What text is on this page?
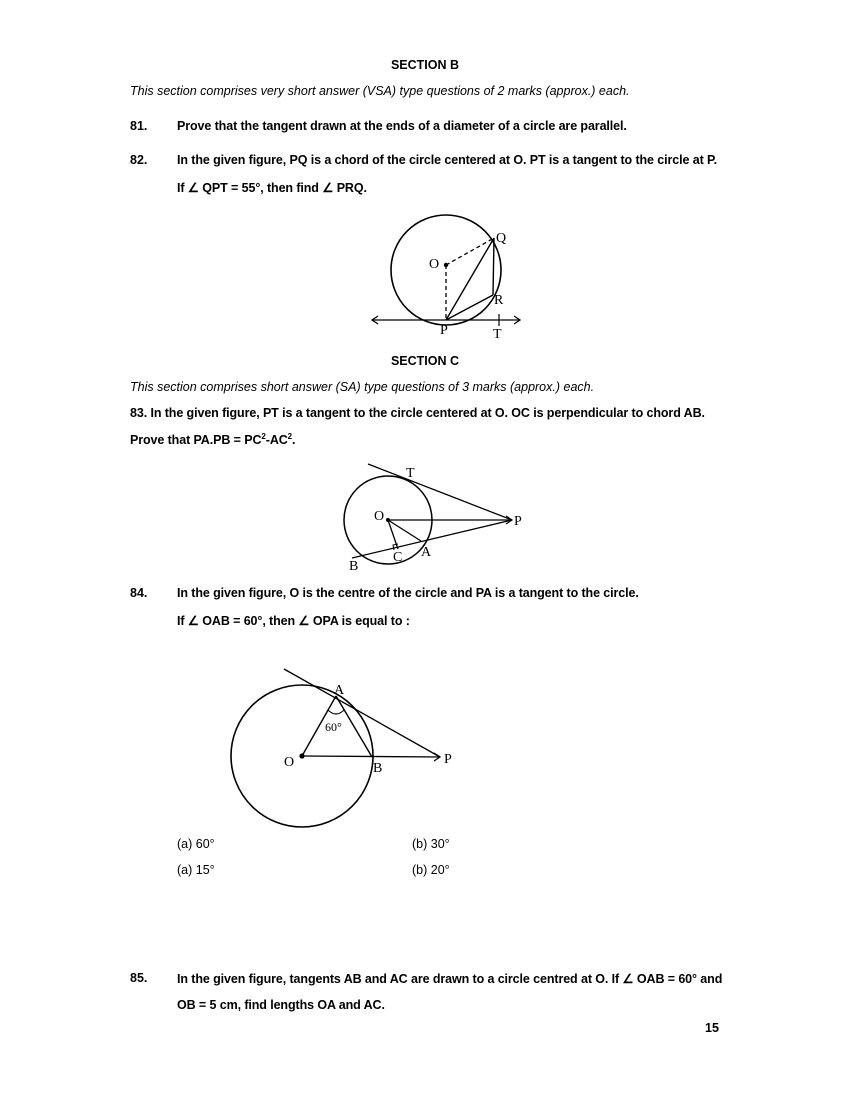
SECTION B
This section comprises very short answer (VSA) type questions of 2 marks (approx.) each.
81. Prove that the tangent drawn at the ends of a diameter of a circle are parallel.
82. In the given figure, PQ is a chord of the circle centered at O. PT is a tangent to the circle at P.
If ∠ QPT = 55°, then find ∠ PRQ.
O
Q
R
P	T
SECTION C
This section comprises short answer (SA) type questions of 3 marks (approx.) each.
83. In the given figure, PT is a tangent to the circle centered at O. OC is perpendicular to chord AB.
Prove that $PA.PB = PC^2-AC^2$.
T
O	P
B
C A
84. In the given figure, O is the centre of the circle and PA is a tangent to the circle.
If ∠ OAB = 60°, then ∠ OPA is equal to :
A
60°
O	B
P
(a) 60°	(b) 30°
(a) 15°	(b) 20°
85. In the given figure, tangents AB and AC are drawn to a circle centred at O. If ∠ OAB = 60° and
OB = 5 cm, find lengths OA and AC.
15
